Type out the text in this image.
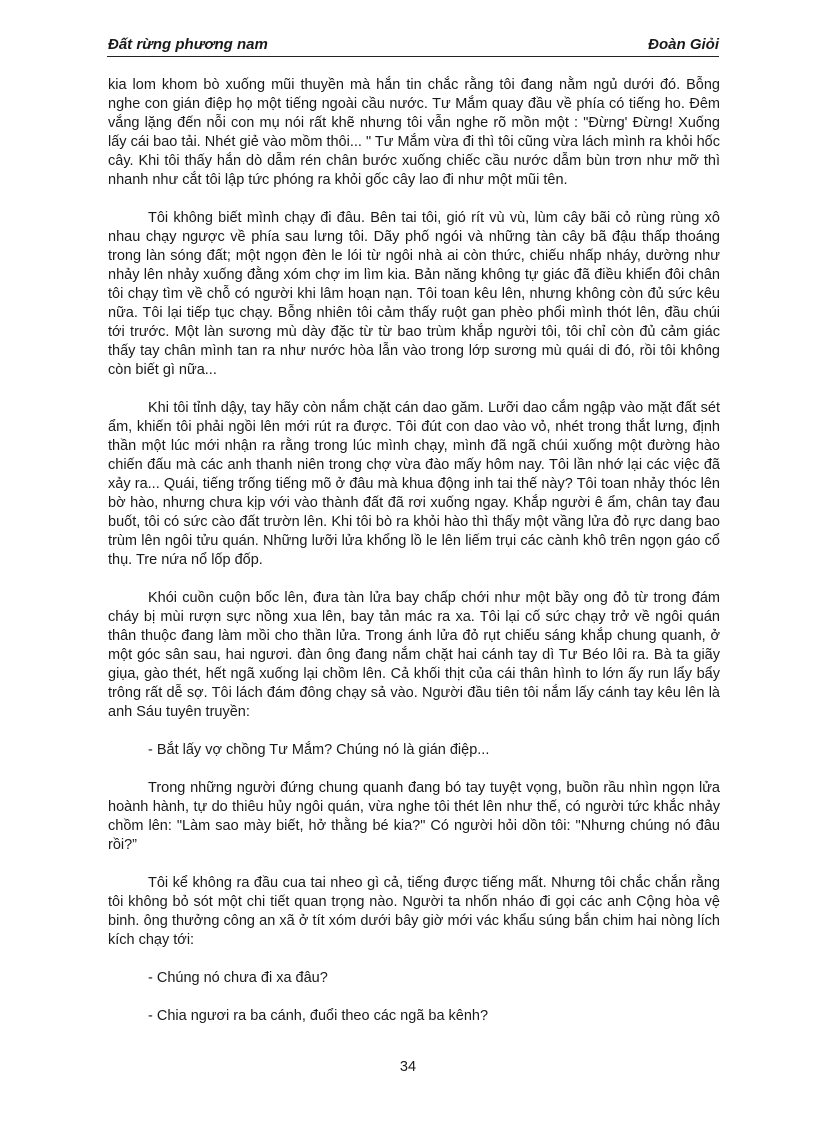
Đất rừng phương nam	Đoàn Giỏi

kia lom khom bò xuống mũi thuyền mà hắn tin chắc rằng tôi đang nằm ngủ dưới đó. Bỗng nghe con gián điệp họ một tiếng ngoài cầu nước. Tư Mắm quay đầu về phía có tiếng ho. Đêm vắng lặng đến nỗi con mụ nói rất khẽ nhưng tôi vẫn nghe rõ mồn một : "Đừng' Đừng! Xuống lấy cái bao tải. Nhét giẻ vào mồm thôi... " Tư Mắm vừa đi thì tôi cũng vừa lách mình ra khỏi hốc cây. Khi tôi thấy hắn dò dẫm rén chân bước xuống chiếc cầu nước dẫm bùn trơn như mỡ thì nhanh như cắt tôi lập tức phóng ra khỏi gốc cây lao đi như một mũi tên.

Tôi không biết mình chạy đi đâu. Bên tai tôi, gió rít vù vù, lùm cây bãi cỏ rùng rùng xô nhau chạy ngược về phía sau lưng tôi. Dãy phố ngói và những tàn cây bã đậu thấp thoáng trong làn sóng đất; một ngọn đèn le lói từ ngôi nhà ai còn thức, chiếu nhấp nháy, dường như nhảy lên nhảy xuống đằng xóm chợ im lìm kia. Bản năng không tự giác đã điều khiển đôi chân tôi chạy tìm về chỗ có người khi lâm hoạn nạn. Tôi toan kêu lên, nhưng không còn đủ sức kêu nữa. Tôi lại tiếp tục chạy. Bỗng nhiên tôi cảm thấy ruột gan phèo phổi mình thót lên, đầu chúi tới trước. Một làn sương mù dày đặc từ từ bao trùm khắp người tôi, tôi chỉ còn đủ cảm giác thấy tay chân mình tan ra như nước hòa lẫn vào trong lớp sương mù quái di đó, rồi tôi không còn biết gì nữa...

Khi tôi tỉnh dậy, tay hãy còn nắm chặt cán dao găm. Lưỡi dao cắm ngập vào mặt đất sét ẩm, khiến tôi phải ngồi lên mới rút ra được. Tôi đút con dao vào vỏ, nhét trong thắt lưng, định thần một lúc mới nhận ra rằng trong lúc mình chạy, mình đã ngã chúi xuống một đường hào chiến đấu mà các anh thanh niên trong chợ vừa đào mấy hôm nay. Tôi lần nhớ lại các việc đã xảy ra... Quái, tiếng trống tiếng mõ ở đâu mà khua động inh tai thế này? Tôi toan nhảy thóc lên bờ hào, nhưng chưa kịp với vào thành đất đã rơi xuống ngay. Khắp người ê ẩm, chân tay đau buốt, tôi có sức cào đất trườn lên. Khi tôi bò ra khỏi hào thì thấy một vầng lửa đỏ rực dang bao trùm lên ngôi tửu quán. Những lưỡi lửa khổng lồ le lên liếm trụi các cành khô trên ngọn gáo cổ thụ. Tre nứa nổ lốp đốp.

Khói cuồn cuộn bốc lên, đưa tàn lửa bay chấp chới như một bầy ong đỏ từ trong đám cháy bị mùi rượn sực nồng xua lên, bay tản mác ra xa. Tôi lại cố sức chạy trở về ngôi quán thân thuộc đang làm mồi cho thần lửa. Trong ánh lửa đỏ rụt chiếu sáng khắp chung quanh, ở một góc sân sau, hai ngươi. đàn ông đang nắm chặt hai cánh tay dì Tư Béo lôi ra. Bà ta giãy giụa, gào thét, hết ngã xuống lại chồm lên. Cả khối thịt của cái thân hình to lớn ấy run lẩy bẩy trông rất dễ sợ. Tôi lách đám đông chạy sả vào. Người đầu tiên tôi nắm lấy cánh tay kêu lên là anh Sáu tuyên truyền:

- Bắt lấy vợ chồng Tư Mắm? Chúng nó là gián điệp...

Trong những người đứng chung quanh đang bó tay tuyệt vọng, buồn rầu nhìn ngọn lửa hoành hành, tự do thiêu hủy ngôi quán, vừa nghe tôi thét lên như thế, có người tức khắc nhảy chồm lên: "Làm sao mày biết, hở thằng bé kia?" Có người hỏi dồn tôi: "Nhưng chúng nó đâu rồi?”

Tôi kể không ra đầu cua tai nheo gì cả, tiếng được tiếng mất. Nhưng tôi chắc chắn rằng tôi không bỏ sót một chi tiết quan trọng nào. Người ta nhốn nháo đi gọi các anh Cộng hòa vệ binh. ông thưởng công an xã ở tít xóm dưới bây giờ mới vác khẩu súng bắn chim hai nòng lích kích chạy tới:

- Chúng nó chưa đi xa đâu?

- Chia ngươi ra ba cánh, đuổi theo các ngã ba kênh?

34
